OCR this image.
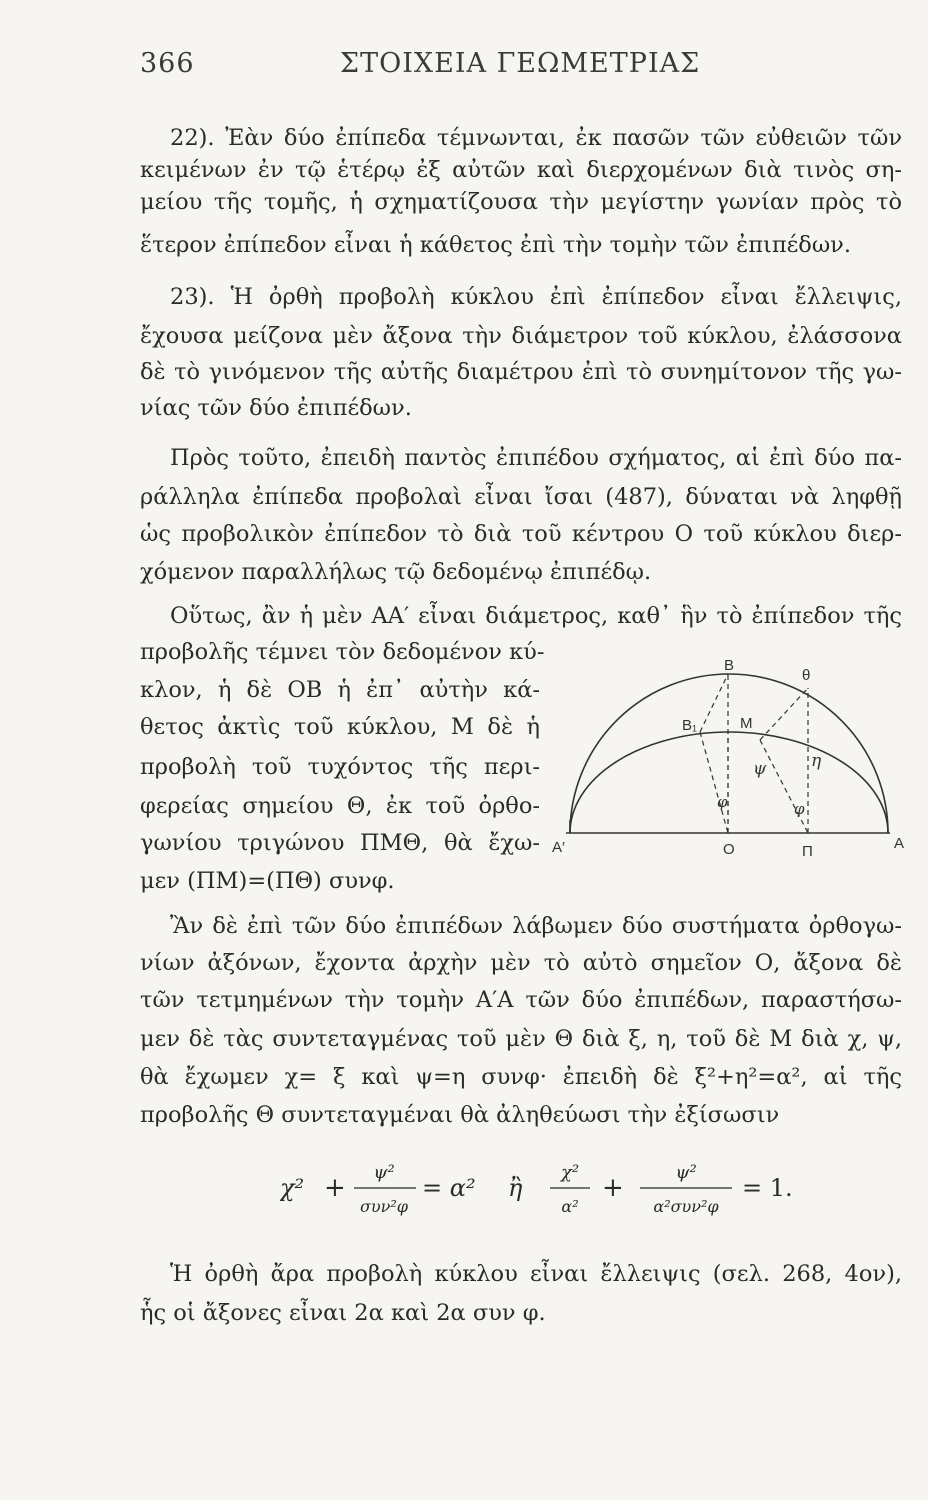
366	ΣΤΟΙΧΕΙΑ ΓΕΩΜΕΤΡΙΑΣ
22). Ἐὰν δύο ἐπίπεδα τέμνωνται, ἐκ πασῶν τῶν εὐθειῶν τῶν
κειμένων ἐν τῷ ἑτέρῳ ἐξ αὐτῶν καὶ διερχομένων διὰ τινὸς ση-
μείου τῆς τομῆς, ἡ σχηματίζουσα τὴν μεγίστην γωνίαν πρὸς τὸ
ἕτερον ἐπίπεδον εἶναι ἡ κάθετος ἐπὶ τὴν τομὴν τῶν ἐπιπέδων.
23). Ἡ ὀρθὴ προβολὴ κύκλου ἐπὶ ἐπίπεδον εἶναι ἔλλειψις,
ἔχουσα μείζονα μὲν ἄξονα τὴν διάμετρον τοῦ κύκλου, ἐλάσσονα
δὲ τὸ γινόμενον τῆς αὐτῆς διαμέτρου ἐπὶ τὸ συνημίτονον τῆς γω-
νίας τῶν δύο ἐπιπέδων.
Πρὸς τοῦτο, ἐπειδὴ παντὸς ἐπιπέδου σχήματος, αἱ ἐπὶ δύο πα-
ράλληλα ἐπίπεδα προβολαὶ εἶναι ἴσαι (487), δύναται νὰ ληφθῇ
ὡς προβολικὸν ἐπίπεδον τὸ διὰ τοῦ κέντρου Ο τοῦ κύκλου διερ-
χόμενον παραλλήλως τῷ δεδομένῳ ἐπιπέδῳ.
Οὕτως, ἂν ἡ μὲν ΑΑ′ εἶναι διάμετρος, καθ᾽ ἣν τὸ ἐπίπεδον τῆς
προβολῆς τέμνει τὸν δεδομένον κύ-
κλον, ἡ δὲ ΟΒ ἡ ἐπ᾽ αὐτὴν κά-
θετος ἀκτὶς τοῦ κύκλου, Μ δὲ ἡ
προβολὴ τοῦ τυχόντος τῆς περι-
φερείας σημείου Θ, ἐκ τοῦ ὀρθο-
γωνίου τριγώνου ΠΜΘ, θὰ ἔχω-
μεν (ΠΜ)=(ΠΘ) συνφ.
B
θ
B₁	M
ψ	η
φ	φ
A′	O	Π	A
Ἂν δὲ ἐπὶ τῶν δύο ἐπιπέδων λάβωμεν δύο συστήματα ὀρθογω-
νίων ἀξόνων, ἔχοντα ἀρχὴν μὲν τὸ αὐτὸ σημεῖον Ο, ἄξονα δὲ
τῶν τετμημένων τὴν τομὴν Α′Α τῶν δύο ἐπιπέδων, παραστήσω-
μεν δὲ τὰς συντεταγμένας τοῦ μὲν Θ διὰ ξ, η, τοῦ δὲ Μ διὰ χ, ψ,
θὰ ἔχωμεν χ= ξ καὶ ψ=η συνφ· ἐπειδὴ δὲ ξ²+η²=α², αἱ τῆς
προβολῆς Θ συντεταγμέναι θὰ ἀληθεύωσι τὴν ἐξίσωσιν
χ² +
ψ²
συν²φ
= α² ἢ
χ²
α²
+
ψ²
α²συν²φ
= 1.
Ἡ ὀρθὴ ἄρα προβολὴ κύκλου εἶναι ἔλλειψις (σελ. 268, 4ον),
ἧς οἱ ἄξονες εἶναι 2α καὶ 2α συν φ.
